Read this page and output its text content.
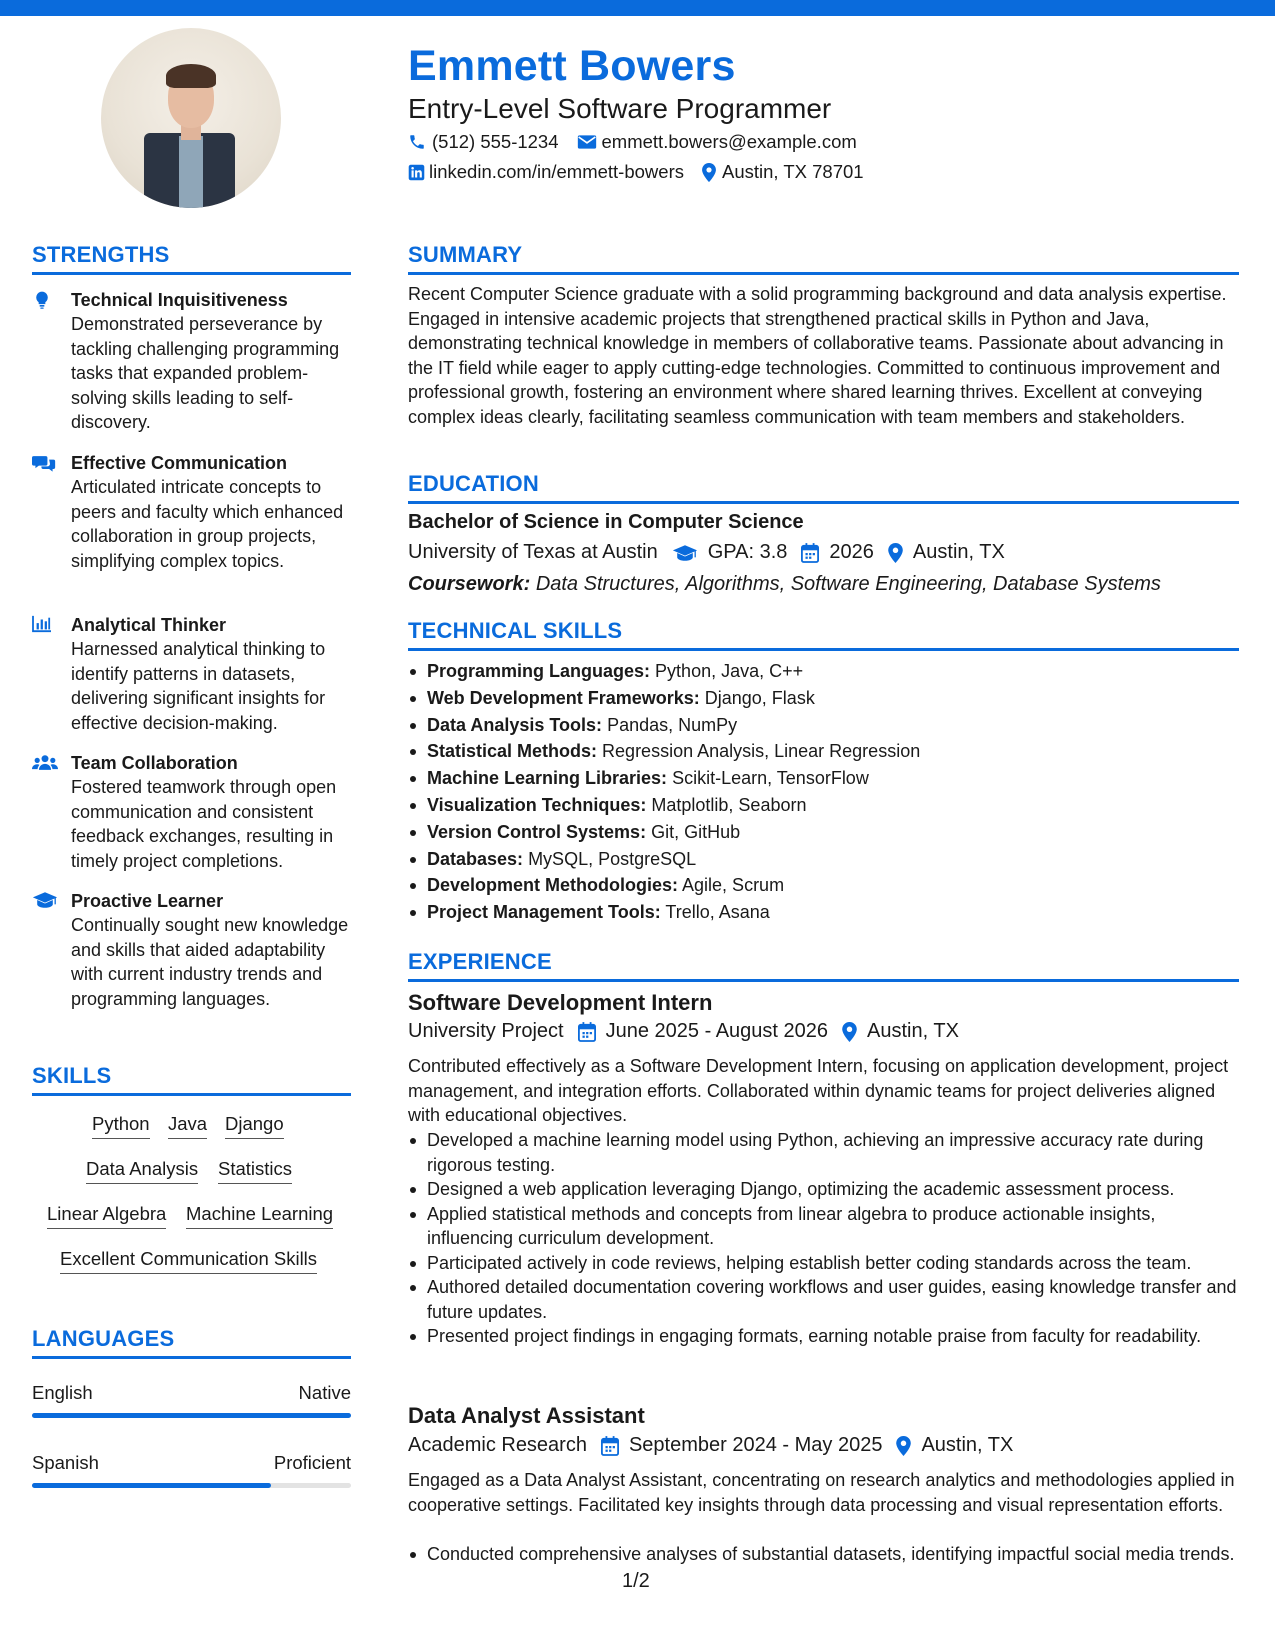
Emmett Bowers
Entry-Level Software Programmer
(512) 555-1234 emmett.bowers@example.com
linkedin.com/in/emmett-bowers Austin, TX 78701
STRENGTHS
Technical Inquisitiveness
Demonstrated perseverance by tackling challenging programming tasks that expanded problem-solving skills leading to self-discovery.
Effective Communication
Articulated intricate concepts to peers and faculty which enhanced collaboration in group projects, simplifying complex topics.
Analytical Thinker
Harnessed analytical thinking to identify patterns in datasets, delivering significant insights for effective decision-making.
Team Collaboration
Fostered teamwork through open communication and consistent feedback exchanges, resulting in timely project completions.
Proactive Learner
Continually sought new knowledge and skills that aided adaptability with current industry trends and programming languages.
SKILLS
Python Java Django
Data Analysis Statistics
Linear Algebra Machine Learning
Excellent Communication Skills
LANGUAGES
English	Native
Spanish	Proficient
SUMMARY
Recent Computer Science graduate with a solid programming background and data analysis expertise. Engaged in intensive academic projects that strengthened practical skills in Python and Java, demonstrating technical knowledge in members of collaborative teams. Passionate about advancing in the IT field while eager to apply cutting-edge technologies. Committed to continuous improvement and professional growth, fostering an environment where shared learning thrives. Excellent at conveying complex ideas clearly, facilitating seamless communication with team members and stakeholders.
EDUCATION
Bachelor of Science in Computer Science
University of Texas at Austin	GPA: 3.8 2026 Austin, TX
Coursework: Data Structures, Algorithms, Software Engineering, Database Systems
TECHNICAL SKILLS
Programming Languages: Python, Java, C++
Web Development Frameworks: Django, Flask
Data Analysis Tools: Pandas, NumPy
Statistical Methods: Regression Analysis, Linear Regression
Machine Learning Libraries: Scikit-Learn, TensorFlow
Visualization Techniques: Matplotlib, Seaborn
Version Control Systems: Git, GitHub
Databases: MySQL, PostgreSQL
Development Methodologies: Agile, Scrum
Project Management Tools: Trello, Asana
EXPERIENCE
Software Development Intern
University Project June 2025 - August 2026 Austin, TX
Contributed effectively as a Software Development Intern, focusing on application development, project management, and integration efforts. Collaborated within dynamic teams for project deliveries aligned with educational objectives.
Developed a machine learning model using Python, achieving an impressive accuracy rate during rigorous testing.
Designed a web application leveraging Django, optimizing the academic assessment process.
Applied statistical methods and concepts from linear algebra to produce actionable insights, influencing curriculum development.
Participated actively in code reviews, helping establish better coding standards across the team.
Authored detailed documentation covering workflows and user guides, easing knowledge transfer and future updates.
Presented project findings in engaging formats, earning notable praise from faculty for readability.
Data Analyst Assistant
Academic Research September 2024 - May 2025 Austin, TX
Engaged as a Data Analyst Assistant, concentrating on research analytics and methodologies applied in cooperative settings. Facilitated key insights through data processing and visual representation efforts.
Conducted comprehensive analyses of substantial datasets, identifying impactful social media trends.
1/2
